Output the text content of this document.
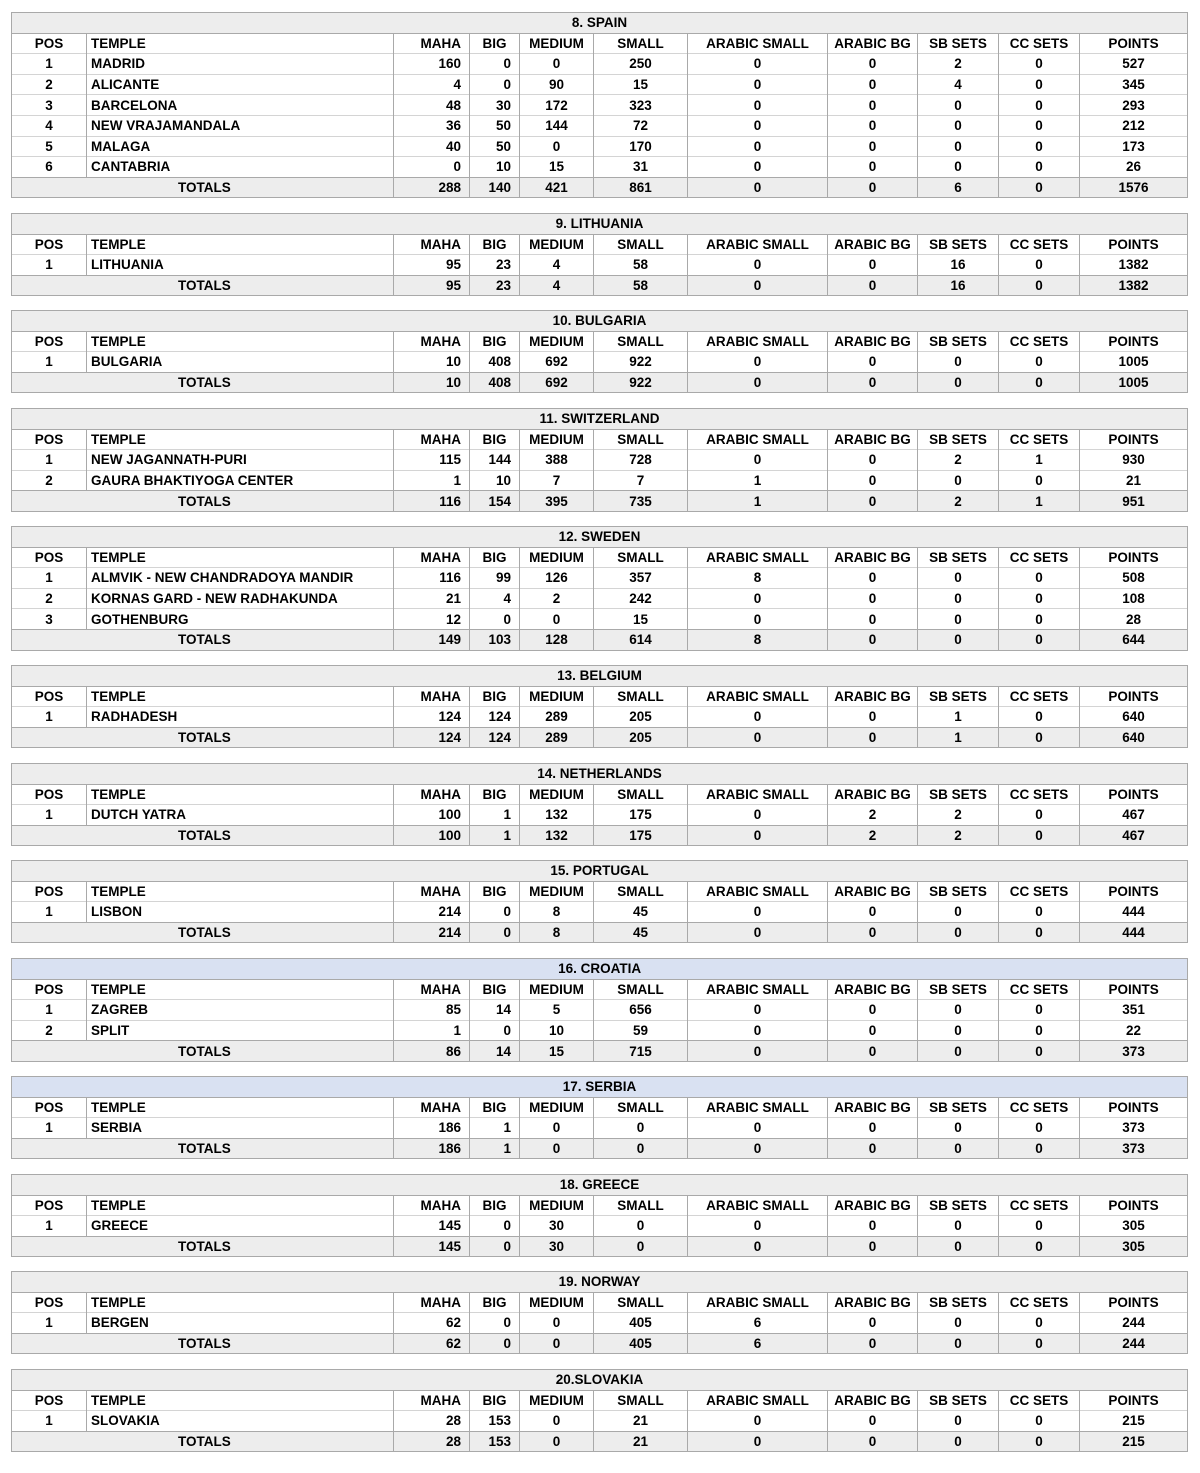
8. SPAIN										
POS	TEMPLE	MAHA	BIG	MEDIUM	SMALL	ARABIC SMALL	ARABIC BG	SB SETS	CC SETS	POINTS
1	MADRID	160	0	0	250	0	0	2	0	527
2	ALICANTE	4	0	90	15	0	0	4	0	345
3	BARCELONA	48	30	172	323	0	0	0	0	293
4	NEW VRAJAMANDALA	36	50	144	72	0	0	0	0	212
5	MALAGA	40	50	0	170	0	0	0	0	173
6	CANTABRIA	0	10	15	31	0	0	0	0	26
TOTALS		288	140	421	861	0	0	6	0	1576
9. LITHUANIA										
POS	TEMPLE	MAHA	BIG	MEDIUM	SMALL	ARABIC SMALL	ARABIC BG	SB SETS	CC SETS	POINTS
1	LITHUANIA	95	23	4	58	0	0	16	0	1382
TOTALS		95	23	4	58	0	0	16	0	1382
10. BULGARIA										
POS	TEMPLE	MAHA	BIG	MEDIUM	SMALL	ARABIC SMALL	ARABIC BG	SB SETS	CC SETS	POINTS
1	BULGARIA	10	408	692	922	0	0	0	0	1005
TOTALS		10	408	692	922	0	0	0	0	1005
11. SWITZERLAND										
POS	TEMPLE	MAHA	BIG	MEDIUM	SMALL	ARABIC SMALL	ARABIC BG	SB SETS	CC SETS	POINTS
1	NEW JAGANNATH-PURI	115	144	388	728	0	0	2	1	930
2	GAURA BHAKTIYOGA CENTER	1	10	7	7	1	0	0	0	21
TOTALS		116	154	395	735	1	0	2	1	951
12. SWEDEN										
POS	TEMPLE	MAHA	BIG	MEDIUM	SMALL	ARABIC SMALL	ARABIC BG	SB SETS	CC SETS	POINTS
1	ALMVIK - NEW CHANDRADOYA MANDIR	116	99	126	357	8	0	0	0	508
2	KORNAS GARD - NEW RADHAKUNDA	21	4	2	242	0	0	0	0	108
3	GOTHENBURG	12	0	0	15	0	0	0	0	28
TOTALS		149	103	128	614	8	0	0	0	644
13. BELGIUM										
POS	TEMPLE	MAHA	BIG	MEDIUM	SMALL	ARABIC SMALL	ARABIC BG	SB SETS	CC SETS	POINTS
1	RADHADESH	124	124	289	205	0	0	1	0	640
TOTALS		124	124	289	205	0	0	1	0	640
14. NETHERLANDS										
POS	TEMPLE	MAHA	BIG	MEDIUM	SMALL	ARABIC SMALL	ARABIC BG	SB SETS	CC SETS	POINTS
1	DUTCH YATRA	100	1	132	175	0	2	2	0	467
TOTALS		100	1	132	175	0	2	2	0	467
15. PORTUGAL										
POS	TEMPLE	MAHA	BIG	MEDIUM	SMALL	ARABIC SMALL	ARABIC BG	SB SETS	CC SETS	POINTS
1	LISBON	214	0	8	45	0	0	0	0	444
TOTALS		214	0	8	45	0	0	0	0	444
16. CROATIA										
POS	TEMPLE	MAHA	BIG	MEDIUM	SMALL	ARABIC SMALL	ARABIC BG	SB SETS	CC SETS	POINTS
1	ZAGREB	85	14	5	656	0	0	0	0	351
2	SPLIT	1	0	10	59	0	0	0	0	22
TOTALS		86	14	15	715	0	0	0	0	373
17. SERBIA										
POS	TEMPLE	MAHA	BIG	MEDIUM	SMALL	ARABIC SMALL	ARABIC BG	SB SETS	CC SETS	POINTS
1	SERBIA	186	1	0	0	0	0	0	0	373
TOTALS		186	1	0	0	0	0	0	0	373
18. GREECE										
POS	TEMPLE	MAHA	BIG	MEDIUM	SMALL	ARABIC SMALL	ARABIC BG	SB SETS	CC SETS	POINTS
1	GREECE	145	0	30	0	0	0	0	0	305
TOTALS		145	0	30	0	0	0	0	0	305
19. NORWAY										
POS	TEMPLE	MAHA	BIG	MEDIUM	SMALL	ARABIC SMALL	ARABIC BG	SB SETS	CC SETS	POINTS
1	BERGEN	62	0	0	405	6	0	0	0	244
TOTALS		62	0	0	405	6	0	0	0	244
20.SLOVAKIA										
POS	TEMPLE	MAHA	BIG	MEDIUM	SMALL	ARABIC SMALL	ARABIC BG	SB SETS	CC SETS	POINTS
1	SLOVAKIA	28	153	0	21	0	0	0	0	215
TOTALS		28	153	0	21	0	0	0	0	215
